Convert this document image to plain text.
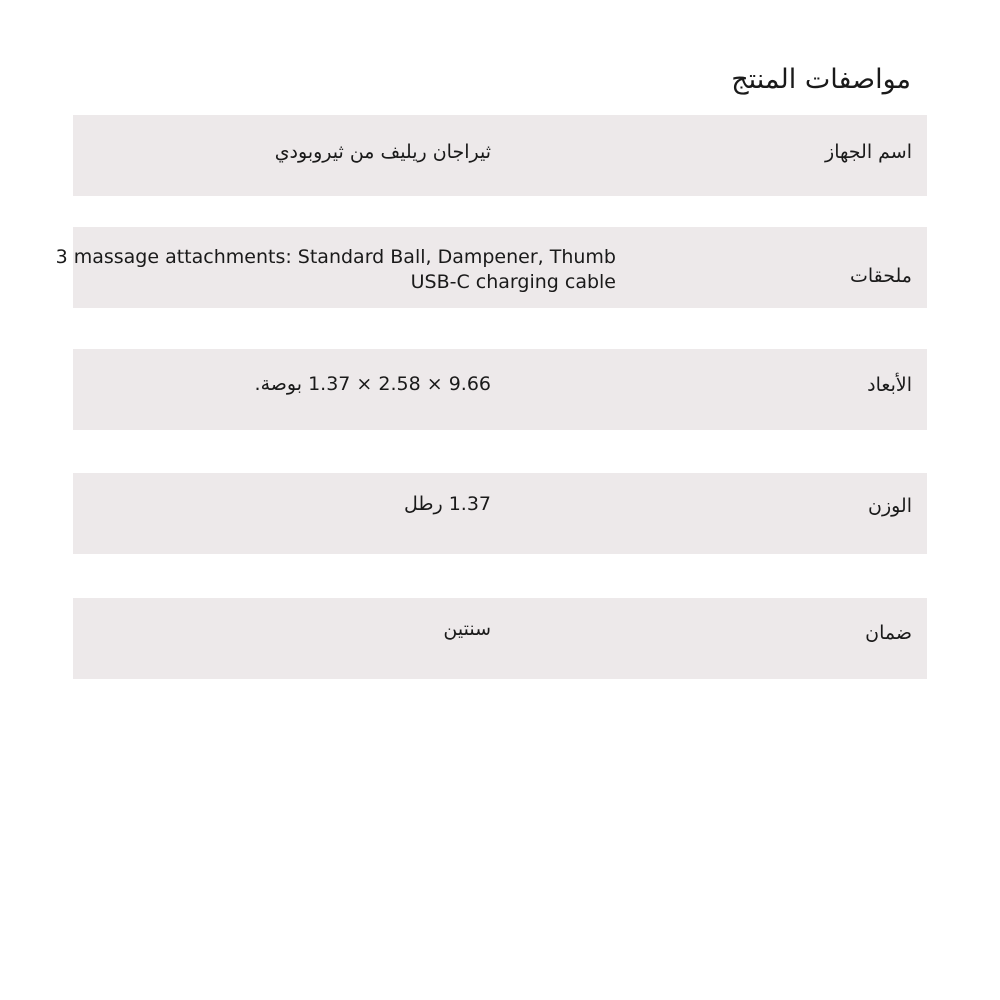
مواصفات المنتج
اسم الجهاز
ثيراجان ريليف من ثيروبودي
ملحقات
3 massage attachments: Standard Ball, Dampener, Thumb
USB-C charging cable
الأبعاد
9.66 × 2.58 × 1.37 بوصة.
الوزن
1.37 رطل
ضمان
سنتين
